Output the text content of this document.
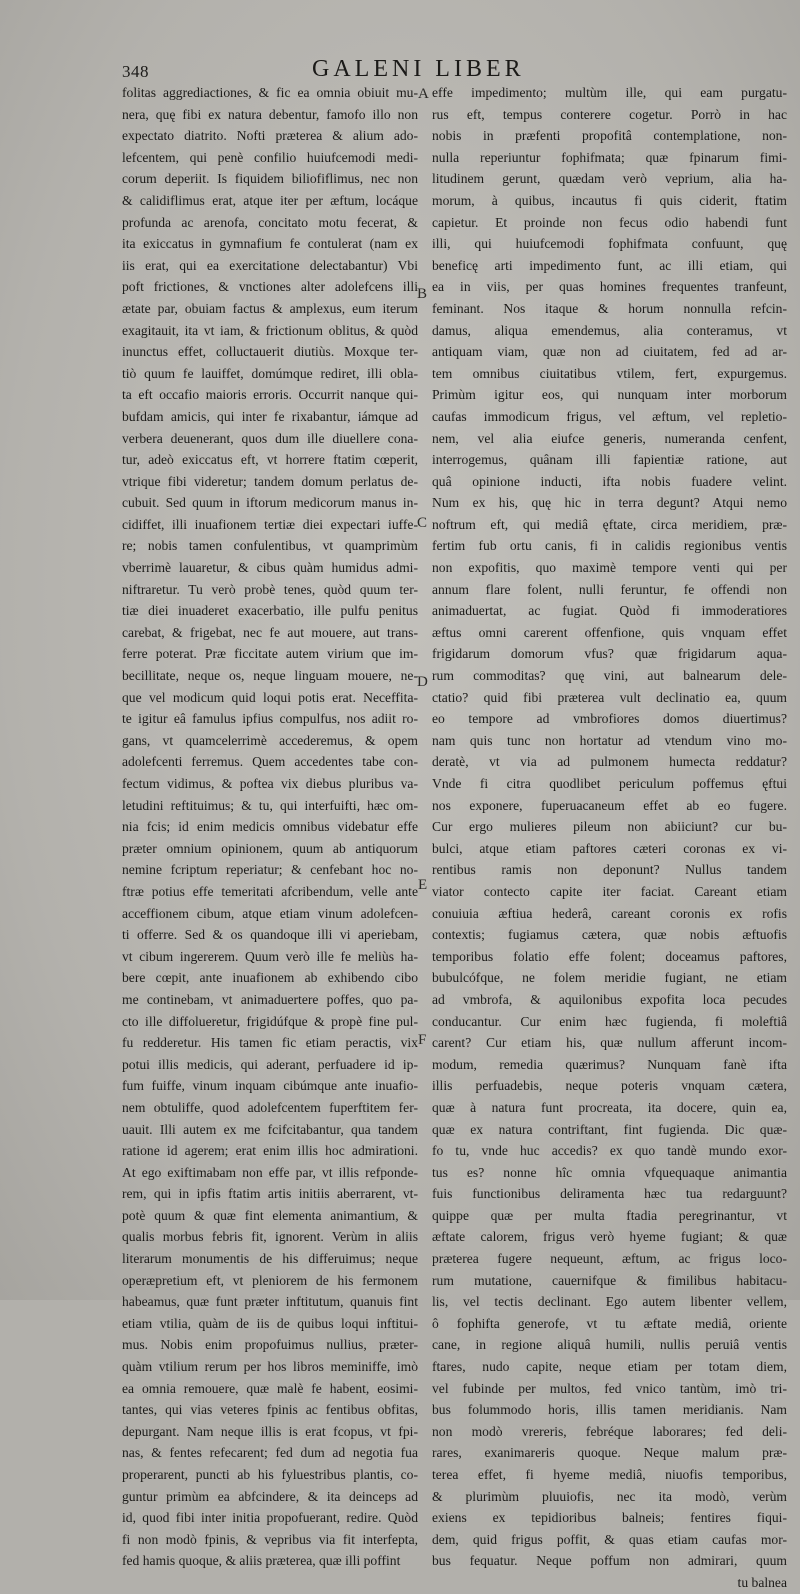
348	GALENI LIBER
folitas aggrediactiones, & fic ea omnia obiuit mu-
nera, quę fibi ex natura debentur, famofo illo non
expectato diatrito. Nofti præterea & alium ado-
lefcentem, qui penè confilio huiufcemodi medi-
corum deperiit. Is fiquidem biliofiflimus, nec non
& calidiflimus erat, atque iter per æftum, locáque
profunda ac arenofa, concitato motu fecerat, &
ita exiccatus in gymnafium fe contulerat (nam ex
iis erat, qui ea exercitatione delectabantur) Vbi
poft frictiones, & vnctiones alter adolefcens illi
ætate par, obuiam factus & amplexus, eum iterum
exagitauit, ita vt iam, & frictionum oblitus, & quòd
inunctus effet, colluctauerit diutiùs. Moxque ter-
tiò quum fe lauiffet, domúmque rediret, illi obla-
ta eft occafio maioris erroris. Occurrit nanque qui-
bufdam amicis, qui inter fe rixabantur, iámque ad
verbera deuenerant, quos dum ille diuellere cona-
tur, adeò exiccatus eft, vt horrere ftatim cœperit,
vtrique fibi videretur; tandem domum perlatus de-
cubuit. Sed quum in iftorum medicorum manus in-
cidiffet, illi inuafionem tertiæ diei expectari iuffe-
re; nobis tamen confulentibus, vt quamprimùm
vberrimè lauaretur, & cibus quàm humidus admi-
niftraretur. Tu verò probè tenes, quòd quum ter-
tiæ diei inuaderet exacerbatio, ille pulfu penitus
carebat, & frigebat, nec fe aut mouere, aut trans-
ferre poterat. Præ ficcitate autem virium que im-
becillitate, neque os, neque linguam mouere, ne-
que vel modicum quid loqui potis erat. Neceffita-
te igitur eâ famulus ipfius compulfus, nos adiit ro-
gans, vt quamcelerrimè accederemus, & opem
adolefcenti ferremus. Quem accedentes tabe con-
fectum vidimus, & poftea vix diebus pluribus va-
letudini reftituimus; & tu, qui interfuifti, hæc om-
nia fcis; id enim medicis omnibus videbatur effe
præter omnium opinionem, quum ab antiquorum
nemine fcriptum reperiatur; & cenfebant hoc no-
ftræ potius effe temeritati afcribendum, velle ante
acceffionem cibum, atque etiam vinum adolefcen-
ti offerre. Sed & os quandoque illi vi aperiebam,
vt cibum ingererem. Quum verò ille fe meliùs ha-
bere cœpit, ante inuafionem ab exhibendo cibo
me continebam, vt animaduertere poffes, quo pa-
cto ille diffolueretur, frigidúfque & propè fine pul-
fu redderetur. His tamen fic etiam peractis, vix
potui illis medicis, qui aderant, perfuadere id ip-
fum fuiffe, vinum inquam cibúmque ante inuafio-
nem obtuliffe, quod adolefcentem fuperftitem fer-
uauit. Illi autem ex me fcifcitabantur, qua tandem
ratione id agerem; erat enim illis hoc admirationi.
At ego exiftimabam non effe par, vt illis refponde-
rem, qui in ipfis ftatim artis initiis aberrarent, vt-
potè quum & quæ fint elementa animantium, &
qualis morbus febris fit, ignorent. Verùm in aliis
literarum monumentis de his differuimus; neque
operæpretium eft, vt pleniorem de his fermonem
habeamus, quæ funt præter inftitutum, quanuis fint
etiam vtilia, quàm de iis de quibus loqui inftitui-
mus. Nobis enim propofuimus nullius, præter-
quàm vtilium rerum per hos libros meminiffe, imò
ea omnia remouere, quæ malè fe habent, eosimi-
tantes, qui vias veteres fpinis ac fentibus obfitas,
depurgant. Nam neque illis is erat fcopus, vt fpi-
nas, & fentes refecarent; fed dum ad negotia fua
properarent, puncti ab his fyluestribus plantis, co-
guntur primùm ea abfcindere, & ita deinceps ad
id, quod fibi inter initia propofuerant, redire. Quòd
fi non modò fpinis, & vepribus via fit interfepta,
fed hamis quoque, & aliis præterea, quæ illi poffint
effe impedimento; multùm ille, qui eam purgatu-
rus eft, tempus conterere cogetur. Porrò in hac
nobis in præfenti propofitâ contemplatione, non-
nulla reperiuntur fophifmata; quæ fpinarum fimi-
litudinem gerunt, quædam verò veprium, alia ha-
morum, à quibus, incautus fi quis ciderit, ftatim
capietur. Et proinde non fecus odio habendi funt
illi, qui huiufcemodi fophifmata confuunt, quę
beneficę arti impedimento funt, ac illi etiam, qui
ea in viis, per quas homines frequentes tranfeunt,
feminant. Nos itaque & horum nonnulla refcin-
damus, aliqua emendemus, alia conteramus, vt
antiquam viam, quæ non ad ciuitatem, fed ad ar-
tem omnibus ciuitatibus vtilem, fert, expurgemus.
Primùm igitur eos, qui nunquam inter morborum
caufas immodicum frigus, vel æftum, vel repletio-
nem, vel alia eiufce generis, numeranda cenfent,
interrogemus, quânam illi fapientiæ ratione, aut
quâ opinione inducti, ifta nobis fuadere velint.
Num ex his, quę hic in terra degunt? Atqui nemo
noftrum eft, qui mediâ ęftate, circa meridiem, præ-
fertim fub ortu canis, fi in calidis regionibus ventis
non expofitis, quo maximè tempore venti qui per
annum flare folent, nulli feruntur, fe offendi non
animaduertat, ac fugiat. Quòd fi immoderatiores
æftus omni carerent offenfione, quis vnquam effet
frigidarum domorum vfus? quæ frigidarum aqua-
rum commoditas? quę vini, aut balnearum dele-
ctatio? quid fibi præterea vult declinatio ea, quum
eo tempore ad vmbrofiores domos diuertimus?
nam quis tunc non hortatur ad vtendum vino mo-
deratè, vt via ad pulmonem humecta reddatur?
Vnde fi citra quodlibet periculum poffemus ęftui
nos exponere, fuperuacaneum effet ab eo fugere.
Cur ergo mulieres pileum non abiiciunt? cur bu-
bulci, atque etiam paftores cæteri coronas ex vi-
rentibus ramis non deponunt? Nullus tandem
viator contecto capite iter faciat. Careant etiam
conuiuia æftiua hederâ, careant coronis ex rofis
contextis; fugiamus cætera, quæ nobis æftuofis
temporibus folatio effe folent; doceamus paftores,
bubulcófque, ne folem meridie fugiant, ne etiam
ad vmbrofa, & aquilonibus expofita loca pecudes
conducantur. Cur enim hæc fugienda, fi moleftiâ
carent? Cur etiam his, quæ nullum afferunt incom-
modum, remedia quærimus? Nunquam fanè ifta
illis perfuadebis, neque poteris vnquam cætera,
quæ à natura funt procreata, ita docere, quin ea,
quæ ex natura contriftant, fint fugienda. Dic quæ-
fo tu, vnde huc accedis? ex quo tandè mundo exor-
tus es? nonne hîc omnia vfquequaque animantia
fuis functionibus deliramenta hæc tua redarguunt?
quippe quæ per multa ftadia peregrinantur, vt
æftate calorem, frigus verò hyeme fugiant; & quæ
præterea fugere nequeunt, æftum, ac frigus loco-
rum mutatione, cauernifque & fimilibus habitacu-
lis, vel tectis declinant. Ego autem libenter vellem,
ô fophifta generofe, vt tu æftate mediâ, oriente
cane, in regione aliquâ humili, nullis peruiâ ventis
ftares, nudo capite, neque etiam per totam diem,
vel fubinde per multos, fed vnico tantùm, imò tri-
bus folummodo horis, illis tamen meridianis. Nam
non modò vrereris, febréque laborares; fed deli-
rares, exanimareris quoque. Neque malum præ-
terea effet, fi hyeme mediâ, niuofis temporibus,
& plurimùm pluuiofis, nec ita modò, verùm
exiens ex tepidioribus balneis; fentires fiqui-
dem, quid frigus poffit, & quas etiam caufas mor-
bus fequatur. Neque poffum non admirari, quum
tu balnea
A
B
C
D
E
F
